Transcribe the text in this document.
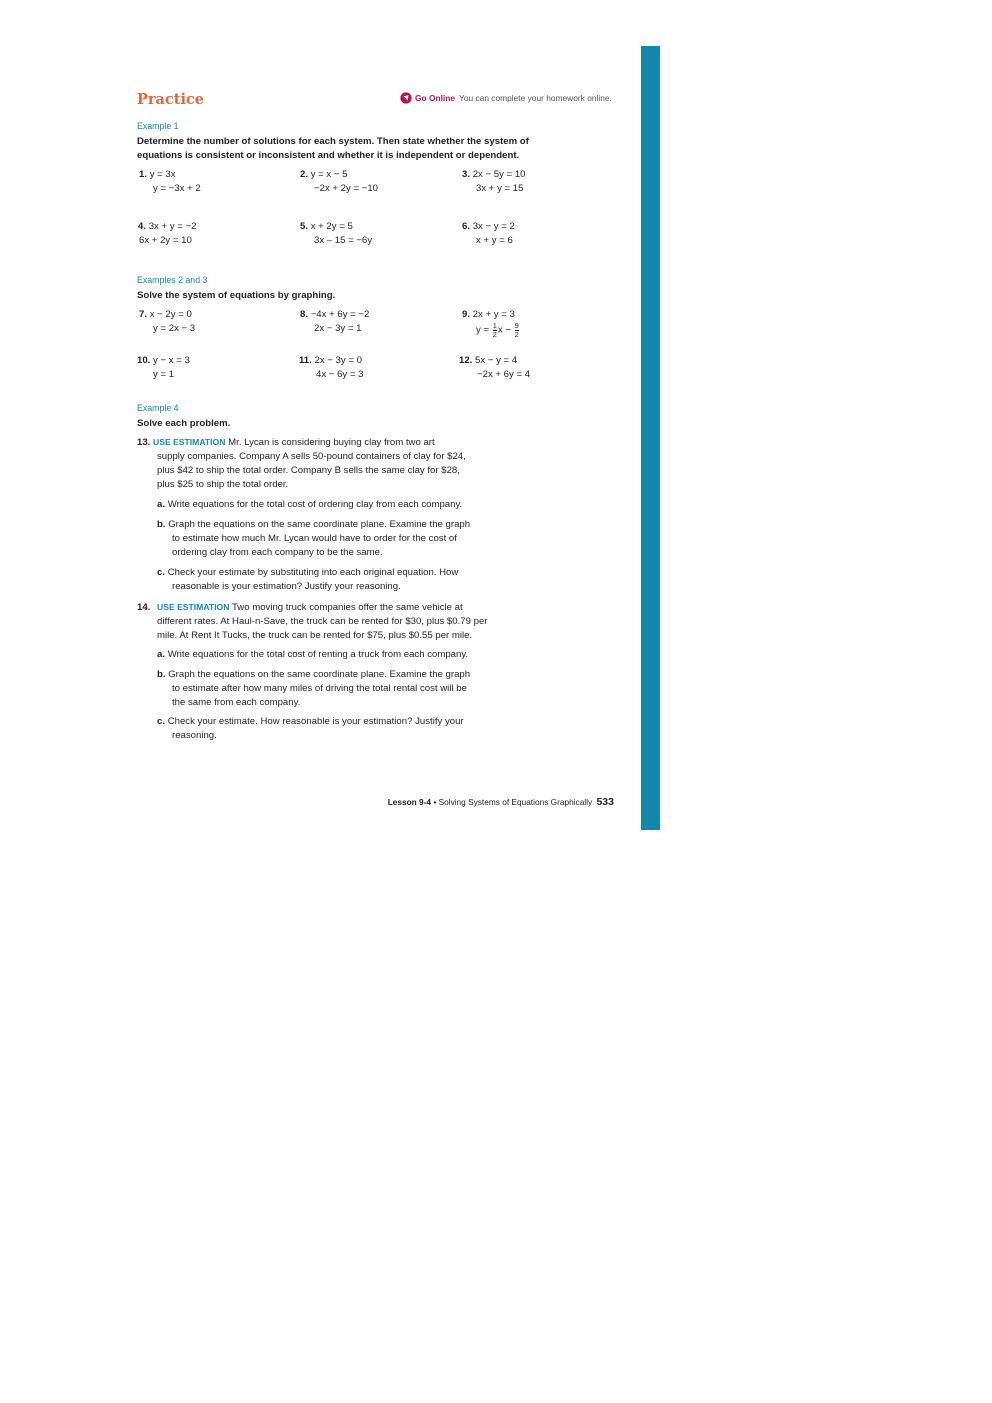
Practice	Go Online You can complete your homework online.
Example 1
Determine the number of solutions for each system. Then state whether the system of
equations is consistent or inconsistent and whether it is independent or dependent.
1. y = 3x
y = −3x + 2
2. y = x − 5
−2x + 2y = −10
3. 2x − 5y = 10
3x + y = 15
4. 3x + y = −2
6x + 2y = 10
5. x + 2y = 5
3x – 15 = −6y
6. 3x − y = 2
x + y = 6
Examples 2 and 3
Solve the system of equations by graphing.
7. x − 2y = 0
y = 2x − 3
8. −4x + 6y = −2
2x − 3y = 1
9. 2x + y = 3
$y = \frac{1}{2}$ $x - \frac{9}{2}$
10. y − x = 3
y = 1
11. 2x − 3y = 0
4x − 6y = 3
12. 5x − y = 4
−2x + 6y = 4
Example 4
Solve each problem.
13. USE ESTIMATION Mr. Lycan is considering buying clay from two art
supply companies. Company A sells 50-pound containers of clay for $24,
plus $42 to ship the total order. Company B sells the same clay for $28,
plus $25 to ship the total order.
a. Write equations for the total cost of ordering clay from each company.
b. Graph the equations on the same coordinate plane. Examine the graph
to estimate how much Mr. Lycan would have to order for the cost of
ordering clay from each company to be the same.
c. Check your estimate by substituting into each original equation. How
reasonable is your estimation? Justify your reasoning.
14. USE ESTIMATION Two moving truck companies offer the same vehicle at
different rates. At Haul-n-Save, the truck can be rented for $30, plus $0.79 per
mile. At Rent It Tucks, the truck can be rented for $75, plus $0.55 per mile.
a. Write equations for the total cost of renting a truck from each company.
b. Graph the equations on the same coordinate plane. Examine the graph
to estimate after how many miles of driving the total rental cost will be
the same from each company.
c. Check your estimate. How reasonable is your estimation? Justify your
reasoning.
Lesson 9-4 • Solving Systems of Equations Graphically 533
